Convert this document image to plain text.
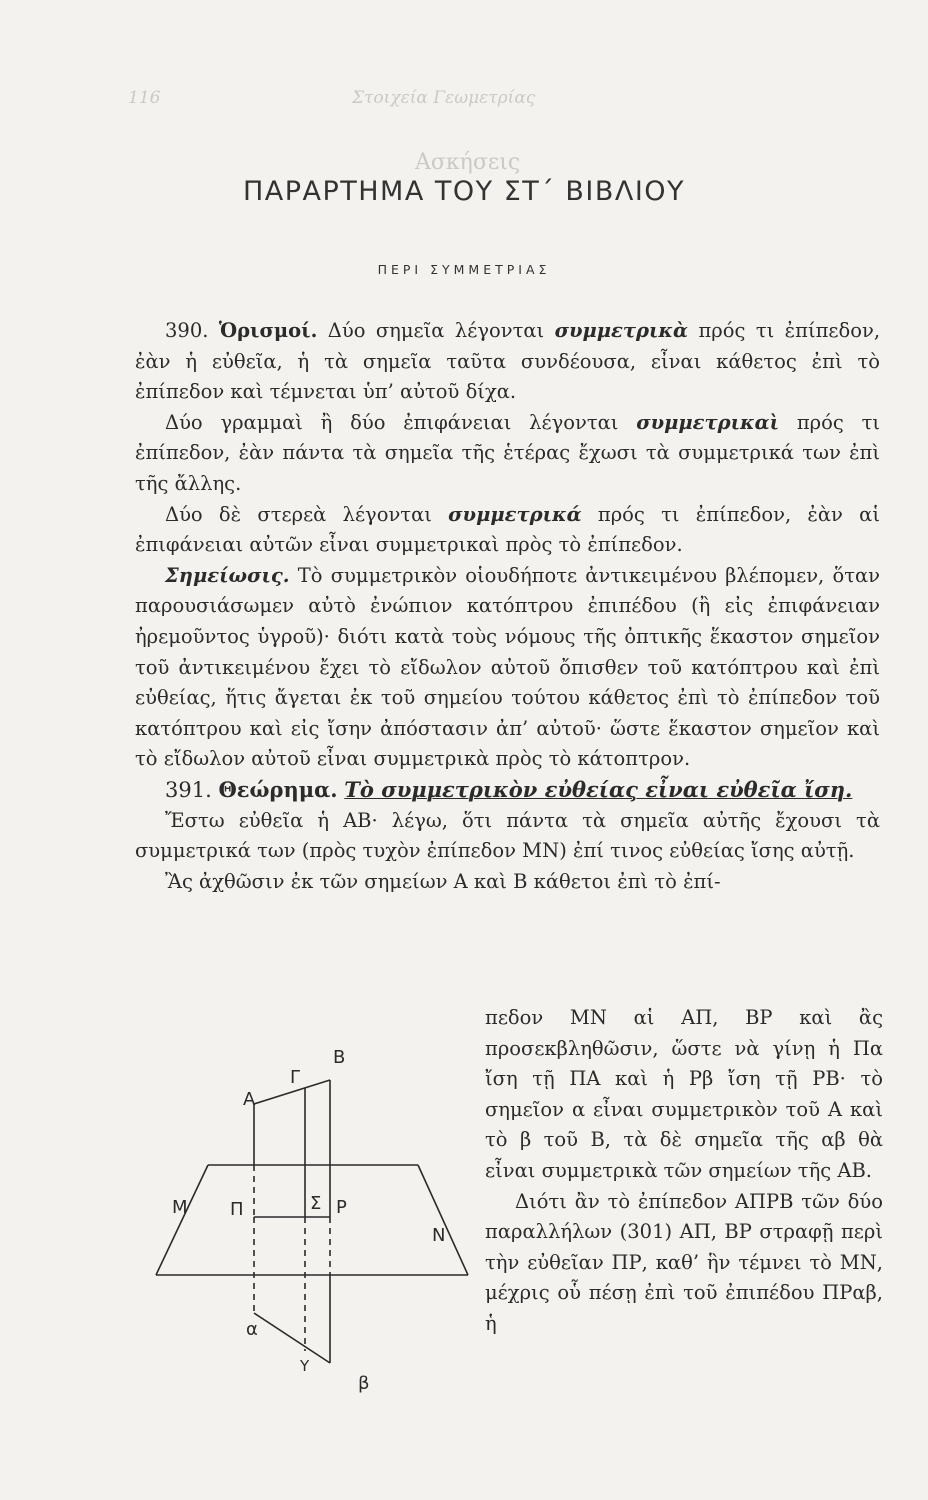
116	Στοιχεία Γεωμετρίας
Ασκήσεις
ΠΑΡΑΡΤΗΜΑ ΤΟΥ ΣΤ΄ ΒΙΒΛΙΟΥ
ΠΕΡΙ ΣΥΜΜΕΤΡΙΑΣ

390. Ὁρισμοί. Δύο σημεῖα λέγονται συμμετρικὰ πρός τι ἐπίπεδον, ἐὰν ἡ εὐθεῖα, ἡ τὰ σημεῖα ταῦτα συνδέουσα, εἶναι κάθετος ἐπὶ τὸ ἐπίπεδον καὶ τέμνεται ὑπ’ αὐτοῦ δίχα.

Δύο γραμμαὶ ἢ δύο ἐπιφάνειαι λέγονται συμμετρικαὶ πρός τι ἐπίπεδον, ἐὰν πάντα τὰ σημεῖα τῆς ἑτέρας ἔχωσι τὰ συμμετρικά των ἐπὶ τῆς ἄλλης.

Δύο δὲ στερεὰ λέγονται συμμετρικά πρός τι ἐπίπεδον, ἐὰν αἱ ἐπιφάνειαι αὐτῶν εἶναι συμμετρικαὶ πρὸς τὸ ἐπίπεδον.

Σημείωσις. Τὸ συμμετρικὸν οἱουδήποτε ἀντικειμένου βλέπομεν, ὅταν παρουσιάσωμεν αὐτὸ ἐνώπιον κατόπτρου ἐπιπέδου (ἢ εἰς ἐπιφάνειαν ἠρεμοῦντος ὑγροῦ)· διότι κατὰ τοὺς νόμους τῆς ὀπτικῆς ἕκαστον σημεῖον τοῦ ἀντικειμένου ἔχει τὸ εἴδωλον αὐτοῦ ὄπισθεν τοῦ κατόπτρου καὶ ἐπὶ εὐθείας, ἥτις ἄγεται ἐκ τοῦ σημείου τούτου κάθετος ἐπὶ τὸ ἐπίπεδον τοῦ κατόπτρου καὶ εἰς ἴσην ἀπόστασιν ἀπ’ αὐτοῦ· ὥστε ἕκαστον σημεῖον καὶ τὸ εἴδωλον αὐτοῦ εἶναι συμμετρικὰ πρὸς τὸ κάτοπτρον.

391. Θεώρημα. Τὸ συμμετρικὸν εὐθείας εἶναι εὐθεῖα ἴση.

Ἔστω εὐθεῖα ἡ ΑΒ· λέγω, ὅτι πάντα τὰ σημεῖα αὐτῆς ἔχουσι τὰ συμμετρικά των (πρὸς τυχὸν ἐπίπεδον ΜΝ) ἐπί τινος εὐθείας ἴσης αὐτῇ.

Ἂς ἀχθῶσιν ἐκ τῶν σημείων Α καὶ Β κάθετοι ἐπὶ τὸ ἐπί-

Β
Γ
Α
Μ Π	Σ Ρ
Ν
α
Υ
β

πεδον ΜΝ αἱ ΑΠ, ΒΡ καὶ ἂς προσεκβληθῶσιν, ὥστε νὰ γίνῃ ἡ Πα ἴση τῇ ΠΑ καὶ ἡ Ρβ ἴση τῇ ΡΒ· τὸ σημεῖον α εἶναι συμμετρικὸν τοῦ Α καὶ τὸ β τοῦ Β, τὰ δὲ σημεῖα τῆς αβ θὰ εἶναι συμμετρικὰ τῶν σημείων τῆς ΑΒ.

Διότι ἂν τὸ ἐπίπεδον ΑΠΡΒ τῶν δύο παραλλήλων (301) ΑΠ, ΒΡ στραφῇ περὶ τὴν εὐθεῖαν ΠΡ, καθ’ ἣν τέμνει τὸ ΜΝ, μέχρις οὗ πέσῃ ἐπὶ τοῦ ἐπιπέδου ΠΡαβ, ἡ
